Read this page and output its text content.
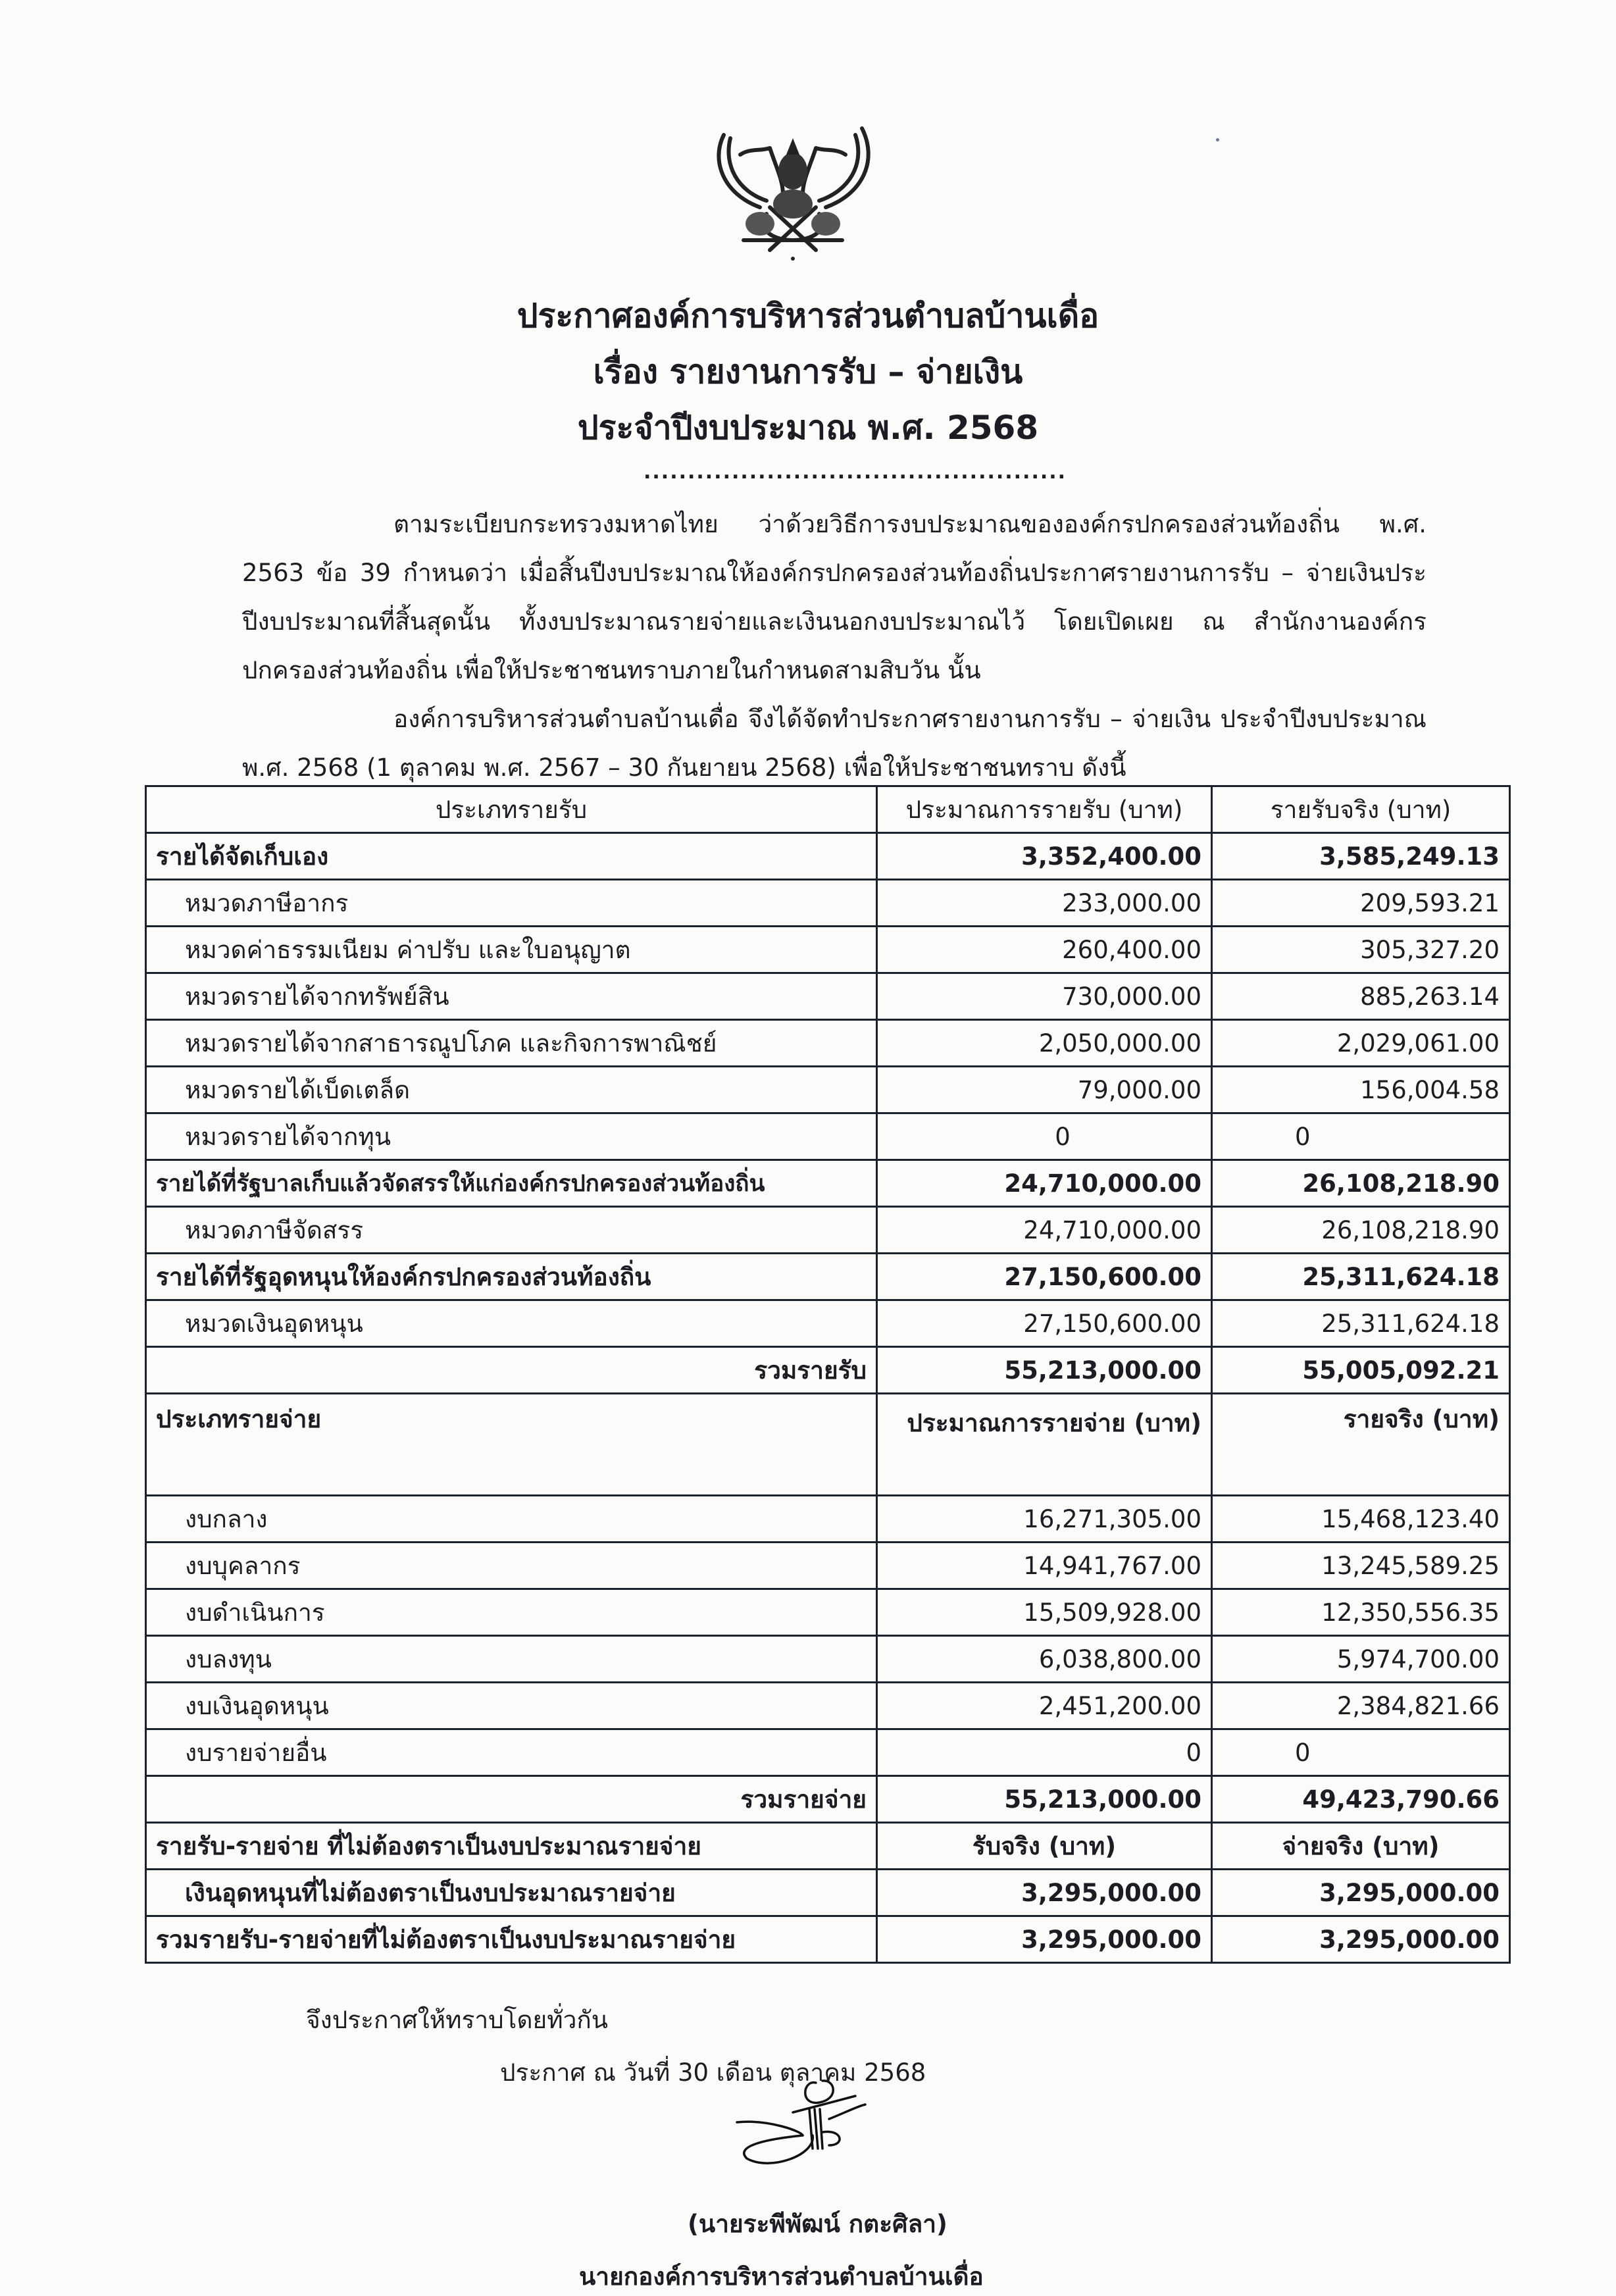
ประกาศองค์การบริหารส่วนตำบลบ้านเดื่อ
เรื่อง รายงานการรับ – จ่ายเงิน
ประจำปีงบประมาณ พ.ศ. 2568
................................................

ตามระเบียบกระทรวงมหาดไทย ว่าด้วยวิธีการงบประมาณขององค์กรปกครองส่วนท้องถิ่น พ.ศ. 2563 ข้อ 39 กำหนดว่า เมื่อสิ้นปีงบประมาณให้องค์กรปกครองส่วนท้องถิ่นประกาศรายงานการรับ – จ่ายเงินประปีงบประมาณที่สิ้นสุดนั้น ทั้งงบประมาณรายจ่ายและเงินนอกงบประมาณไว้ โดยเปิดเผย ณ สำนักงานองค์กรปกครองส่วนท้องถิ่น เพื่อให้ประชาชนทราบภายในกำหนดสามสิบวัน นั้น

องค์การบริหารส่วนตำบลบ้านเดื่อ จึงได้จัดทำประกาศรายงานการรับ – จ่ายเงิน ประจำปีงบประมาณ พ.ศ. 2568 (1 ตุลาคม พ.ศ. 2567 – 30 กันยายน 2568) เพื่อให้ประชาชนทราบ ดังนี้

ประเภทรายรับ	ประมาณการรายรับ (บาท)	รายรับจริง (บาท)
รายได้จัดเก็บเอง	3,352,400.00	3,585,249.13
หมวดภาษีอากร	233,000.00	209,593.21
หมวดค่าธรรมเนียม ค่าปรับ และใบอนุญาต	260,400.00	305,327.20
หมวดรายได้จากทรัพย์สิน	730,000.00	885,263.14
หมวดรายได้จากสาธารณูปโภค และกิจการพาณิชย์	2,050,000.00	2,029,061.00
หมวดรายได้เบ็ดเตล็ด	79,000.00	156,004.58
หมวดรายได้จากทุน	0	0
รายได้ที่รัฐบาลเก็บแล้วจัดสรรให้แก่องค์กรปกครองส่วนท้องถิ่น	24,710,000.00	26,108,218.90
หมวดภาษีจัดสรร	24,710,000.00	26,108,218.90
รายได้ที่รัฐอุดหนุนให้องค์กรปกครองส่วนท้องถิ่น	27,150,600.00	25,311,624.18
หมวดเงินอุดหนุน	27,150,600.00	25,311,624.18
รวมรายรับ	55,213,000.00	55,005,092.21
ประเภทรายจ่าย	ประมาณการรายจ่าย (บาท)	รายจริง (บาท)
งบกลาง	16,271,305.00	15,468,123.40
งบบุคลากร	14,941,767.00	13,245,589.25
งบดำเนินการ	15,509,928.00	12,350,556.35
งบลงทุน	6,038,800.00	5,974,700.00
งบเงินอุดหนุน	2,451,200.00	2,384,821.66
งบรายจ่ายอื่น	0	0
รวมรายจ่าย	55,213,000.00	49,423,790.66
รายรับ-รายจ่าย ที่ไม่ต้องตราเป็นงบประมาณรายจ่าย	รับจริง (บาท)	จ่ายจริง (บาท)
เงินอุดหนุนที่ไม่ต้องตราเป็นงบประมาณรายจ่าย	3,295,000.00	3,295,000.00
รวมรายรับ-รายจ่ายที่ไม่ต้องตราเป็นงบประมาณรายจ่าย	3,295,000.00	3,295,000.00
จึงประกาศให้ทราบโดยทั่วกัน
ประกาศ ณ วันที่ 30 เดือน ตุลาคม 2568
(นายระพีพัฒน์ กตะศิลา)
นายกองค์การบริหารส่วนตำบลบ้านเดื่อ
